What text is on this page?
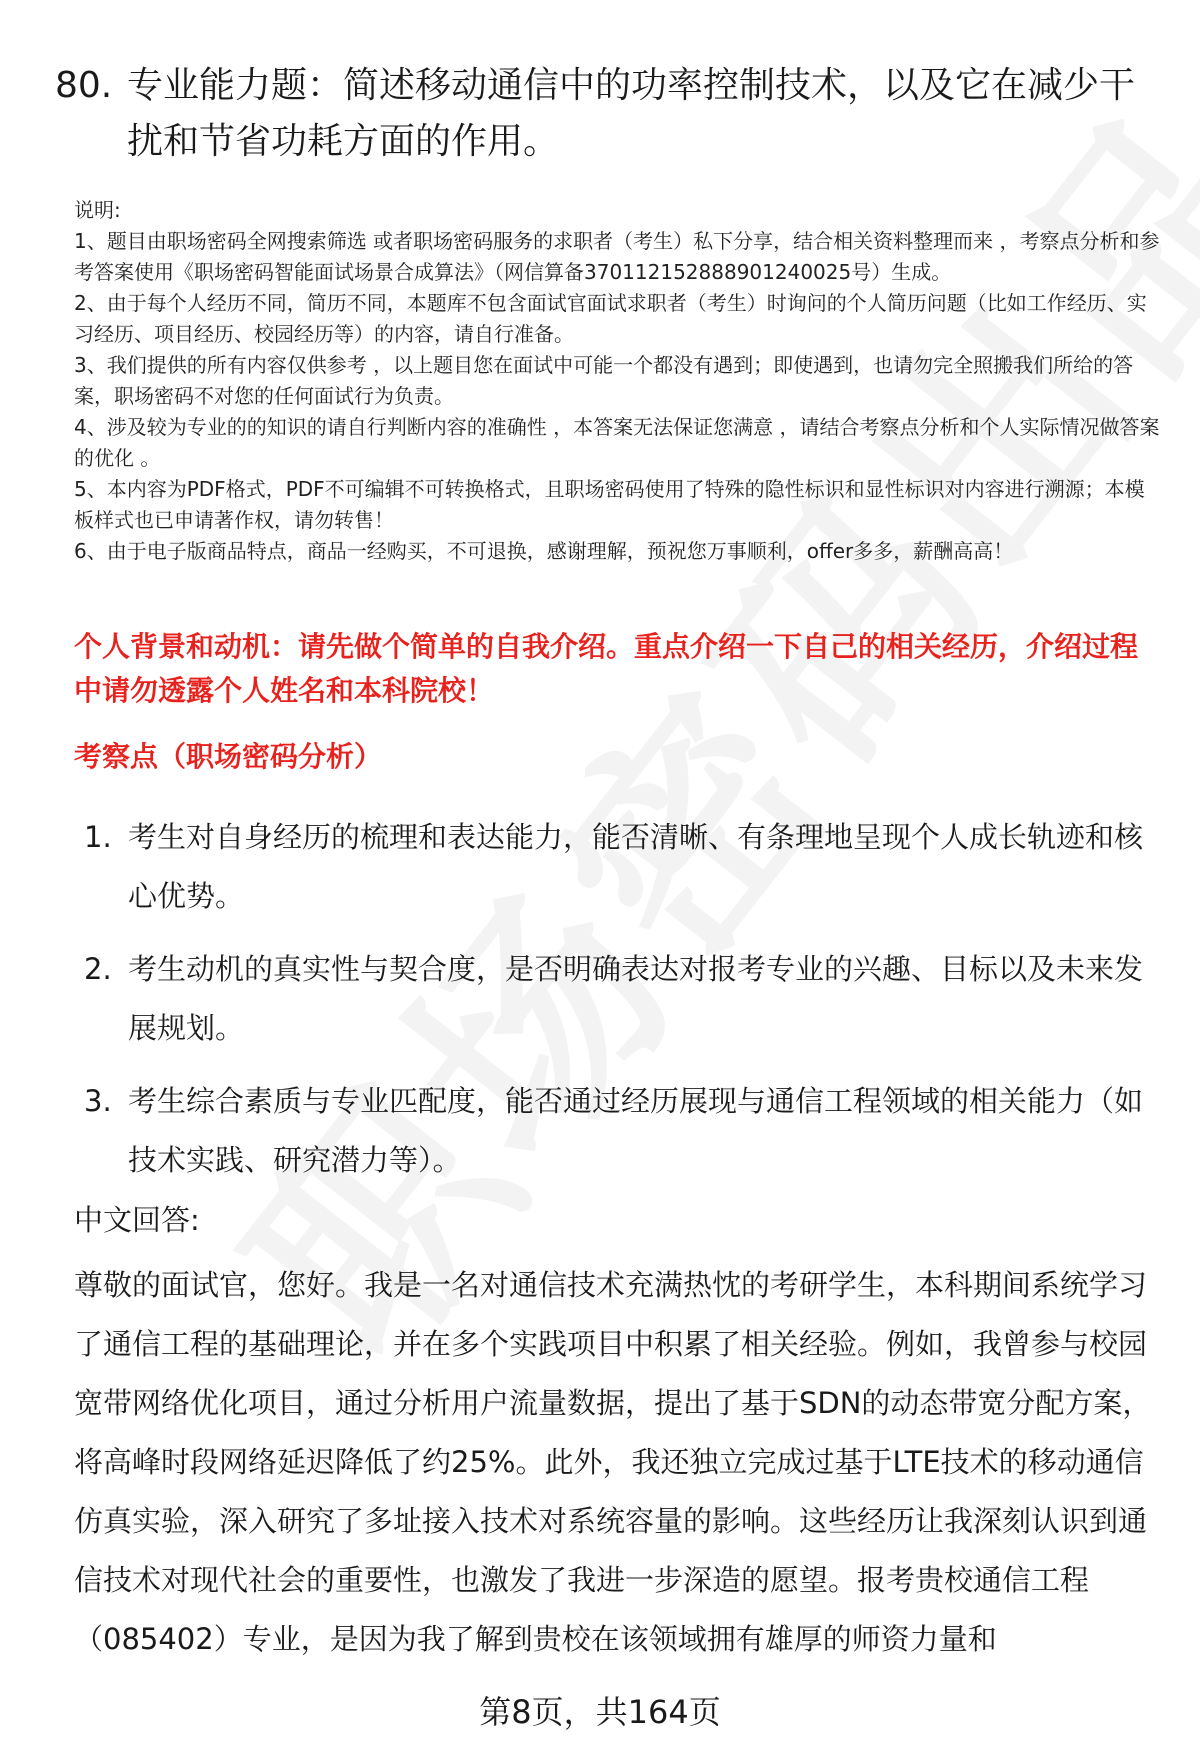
80. 专业能力题：简述移动通信中的功率控制技术，以及它在减少干扰和节省功耗方面的作用。

说明:

1、题目由职场密码全网搜索筛选 或者职场密码服务的求职者（考生）私下分享，结合相关资料整理而来 ，考察点分析和参考答案使用《职场密码智能面试场景合成算法》（网信算备370112152888901240025号）生成。

2、由于每个人经历不同，简历不同，本题库不包含面试官面试求职者（考生）时询问的个人简历问题（比如工作经历、实习经历、项目经历、校园经历等）的内容，请自行准备。

3、我们提供的所有内容仅供参考 ，以上题目您在面试中可能一个都没有遇到；即使遇到，也请勿完全照搬我们所给的答案，职场密码不对您的任何面试行为负责。

4、涉及较为专业的的知识的请自行判断内容的准确性 ，本答案无法保证您满意 ，请结合考察点分析和个人实际情况做答案的优化 。

5、本内容为PDF格式，PDF不可编辑不可转换格式，且职场密码使用了特殊的隐性标识和显性标识对内容进行溯源；本模板样式也已申请著作权，请勿转售！

6、由于电子版商品特点，商品一经购买，不可退换，感谢理解，预祝您万事顺利，offer多多，薪酬高高！

个人背景和动机：请先做个简单的自我介绍。重点介绍一下自己的相关经历，介绍过程中请勿透露个人姓名和本科院校！
考察点（职场密码分析）
1. 考生对自身经历的梳理和表达能力，能否清晰、有条理地呈现个人成长轨迹和核心优势。
2. 考生动机的真实性与契合度，是否明确表达对报考专业的兴趣、目标以及未来发展规划。
3. 考生综合素质与专业匹配度，能否通过经历展现与通信工程领域的相关能力（如技术实践、研究潜力等）。
中文回答:

尊敬的面试官，您好。我是一名对通信技术充满热忱的考研学生，本科期间系统学习了通信工程的基础理论，并在多个实践项目中积累了相关经验。例如，我曾参与校园宽带网络优化项目，通过分析用户流量数据，提出了基于SDN的动态带宽分配方案，将高峰时段网络延迟降低了约25%。此外，我还独立完成过基于LTE技术的移动通信仿真实验，深入研究了多址接入技术对系统容量的影响。这些经历让我深刻认识到通信技术对现代社会的重要性，也激发了我进一步深造的愿望。报考贵校通信工程（085402）专业，是因为我了解到贵校在该领域拥有雄厚的师资力量和

第8页，共164页
